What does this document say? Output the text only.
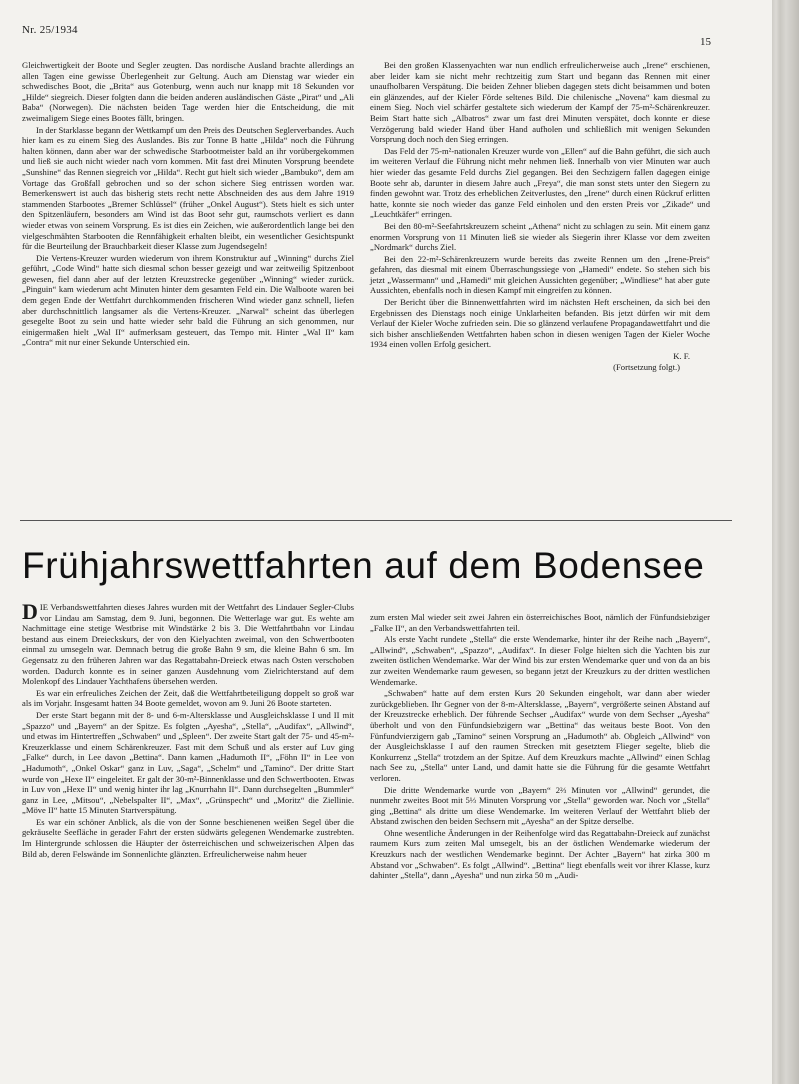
Nr. 25/1934
15

Gleichwertigkeit der Boote und Segler zeugten. Das nordische Ausland brachte allerdings an allen Tagen eine gewisse Überlegenheit zur Geltung. Auch am Dienstag war wieder ein schwedisches Boot, die „Brita“ aus Gotenburg, wenn auch nur knapp mit 18 Sekunden vor „Hilde“ siegreich. Dieser folgten dann die beiden anderen ausländischen Gäste „Pirat“ und „Ali Baba“ (Norwegen). Die nächsten beiden Tage werden hier die Entscheidung, die mit zweimaligem Siege eines Bootes fällt, bringen.

In der Starklasse begann der Wettkampf um den Preis des Deutschen Seglerverbandes. Auch hier kam es zu einem Sieg des Auslandes. Bis zur Tonne B hatte „Hilda“ noch die Führung halten können, dann aber war der schwedische Starbootmeister bald an ihr vorübergekommen und ließ sie auch nicht wieder nach vorn kommen. Mit fast drei Minuten Vorsprung beendete „Sunshine“ das Rennen siegreich vor „Hilda“. Recht gut hielt sich wieder „Bambuko“, dem am Vortage das Großfall gebrochen und so der schon sichere Sieg entrissen worden war. Bemerkenswert ist auch das bisherig stets recht nette Abschneiden des aus dem Jahre 1919 stammenden Starbootes „Bremer Schlüssel“ (früher „Onkel August“). Stets hielt es sich unter den Spitzenläufern, besonders am Wind ist das Boot sehr gut, raumschots verliert es dann wieder etwas von seinem Vorsprung. Es ist dies ein Zeichen, wie außerordentlich lange bei den vielgeschmähten Starbooten die Rennfähigkeit erhalten bleibt, ein wesentlicher Gesichtspunkt für die Beurteilung der Brauchbarkeit dieser Klasse zum Jugendsegeln!

Die Vertens-Kreuzer wurden wiederum von ihrem Konstruktur auf „Winning“ durchs Ziel geführt, „Code Wind“ hatte sich diesmal schon besser gezeigt und war zeitweilig Spitzenboot gewesen, fiel dann aber auf der letzten Kreuzstrecke gegenüber „Winning“ wieder zurück. „Pinguin“ kam wiederum acht Minuten hinter dem gesamten Feld ein. Die Walboote waren bei dem gegen Ende der Wettfahrt durchkommenden frischeren Wind wieder ganz schnell, liefen aber durchschnittlich langsamer als die Vertens-Kreuzer. „Narwal“ scheint das überlegen gesegelte Boot zu sein und hatte wieder sehr bald die Führung an sich genommen, nur einigermaßen hielt „Wal II“ aufmerksam gesteuert, das Tempo mit. Hinter „Wal II“ kam „Contra“ mit nur einer Sekunde Unterschied ein.

Bei den großen Klassenyachten war nun endlich erfreulicherweise auch „Irene“ erschienen, aber leider kam sie nicht mehr rechtzeitig zum Start und begann das Rennen mit einer unaufholbaren Verspätung. Die beiden Zehner blieben dagegen stets dicht beisammen und boten ein glänzendes, auf der Kieler Förde seltenes Bild. Die chilenische „Novena“ kam diesmal zu einem Sieg. Noch viel schärfer gestaltete sich wiederum der Kampf der 75-m²-Schärenkreuzer. Beim Start hatte sich „Albatros“ zwar um fast drei Minuten verspätet, doch konnte er diese Verzögerung bald wieder Hand über Hand aufholen und schließlich mit wenigen Sekunden Vorsprung doch noch den Sieg erringen.

Das Feld der 75-m²-nationalen Kreuzer wurde von „Ellen“ auf die Bahn geführt, die sich auch im weiteren Verlauf die Führung nicht mehr nehmen ließ. Innerhalb von vier Minuten war auch hier wieder das gesamte Feld durchs Ziel gegangen. Bei den Sechzigern fallen dagegen einige Boote sehr ab, darunter in diesem Jahre auch „Freya“, die man sonst stets unter den Siegern zu finden gewohnt war. Trotz des erheblichen Zeitverlustes, den „Irene“ durch einen Rückruf erlitten hatte, konnte sie noch wieder das ganze Feld einholen und den ersten Preis vor „Zikade“ und „Leuchtkäfer“ erringen.

Bei den 80-m²-Seefahrtskreuzern scheint „Athena“ nicht zu schlagen zu sein. Mit einem ganz enormen Vorsprung von 11 Minuten ließ sie wieder als Siegerin ihrer Klasse vor dem zweiten „Nordmark“ durchs Ziel.

Bei den 22-m²-Schärenkreuzern wurde bereits das zweite Rennen um den „Irene-Preis“ gefahren, das diesmal mit einem Überraschungssiege von „Hamedi“ endete. So stehen sich bis jetzt „Wassermann“ und „Hamedi“ mit gleichen Aussichten gegenüber; „Windliese“ hat aber gute Aussichten, ebenfalls noch in diesen Kampf mit eingreifen zu können.

Der Bericht über die Binnenwettfahrten wird im nächsten Heft erscheinen, da sich bei den Ergebnissen des Dienstags noch einige Unklarheiten befanden. Bis jetzt dürfen wir mit dem Verlauf der Kieler Woche zufrieden sein. Die so glänzend verlaufene Propagandawettfahrt und die sich bisher anschließenden Wettfahrten haben schon in diesen wenigen Tagen der Kieler Woche 1934 einen vollen Erfolg gesichert.

K. F.
(Fortsetzung folgt.)
Frühjahrswettfahrten auf dem Bodensee

DIE Verbandswettfahrten dieses Jahres wurden mit der Wettfahrt des Lindauer Segler-Clubs vor Lindau am Samstag, dem 9. Juni, begonnen. Die Wetterlage war gut. Es wehte am Nachmittage eine stetige Westbrise mit Windstärke 2 bis 3. Die Wettfahrtbahn vor Lindau bestand aus einem Dreieckskurs, der von den Kielyachten zweimal, von den Schwertbooten einmal zu umsegeln war. Demnach betrug die große Bahn 9 sm, die kleine Bahn 6 sm. Im Gegensatz zu den früheren Jahren war das Regattabahn-Dreieck etwas nach Osten verschoben worden. Dadurch konnte es in seiner ganzen Ausdehnung vom Zielrichterstand auf dem Molenkopf des Lindauer Yachthafens übersehen werden.

Es war ein erfreuliches Zeichen der Zeit, daß die Wettfahrtbeteiligung doppelt so groß war als im Vorjahr. Insgesamt hatten 34 Boote gemeldet, wovon am 9. Juni 26 Boote starteten.

Der erste Start begann mit der 8- und 6-m-Altersklasse und Ausgleichsklasse I und II mit „Spazzo“ und „Bayern“ an der Spitze. Es folgten „Ayesha“, „Stella“, „Audifax“, „Allwind“, und etwas im Hintertreffen „Schwaben“ und „Spleen“. Der zweite Start galt der 75- und 45-m²-Kreuzerklasse und einem Schärenkreuzer. Fast mit dem Schuß und als erster auf Luv ging „Falke“ durch, in Lee davon „Bettina“. Dann kamen „Hadumoth II“, „Föhn II“ in Lee von „Hadumoth“, „Onkel Oskar“ ganz in Luv, „Saga“, „Schelm“ und „Tamino“. Der dritte Start wurde von „Hexe II“ eingeleitet. Er galt der 30-m²-Binnenklasse und den Schwertbooten. Etwas in Luv von „Hexe II“ und wenig hinter ihr lag „Knurrhahn II“. Dann durchsegelten „Bummler“ ganz in Lee, „Mitsou“, „Nebelspalter II“, „Max“, „Grünspecht“ und „Moritz“ die Ziellinie. „Möve II“ hatte 15 Minuten Startverspätung.

Es war ein schöner Anblick, als die von der Sonne beschienenen weißen Segel über die gekräuselte Seefläche in gerader Fahrt der ersten südwärts gelegenen Wendemarke zustrebten. Im Hintergrunde schlossen die Häupter der österreichischen und schweizerischen Alpen das Bild ab, deren Felswände im Sonnenlichte glänzten. Erfreulicherweise nahm heuer

zum ersten Mal wieder seit zwei Jahren ein österreichisches Boot, nämlich der Fünfundsiebziger „Falke II“, an den Verbandswettfahrten teil.

Als erste Yacht rundete „Stella“ die erste Wendemarke, hinter ihr der Reihe nach „Bayern“, „Allwind“, „Schwaben“, „Spazzo“, „Audifax“. In dieser Folge hielten sich die Yachten bis zur zweiten östlichen Wendemarke. War der Wind bis zur ersten Wendemarke quer und von da an bis zur zweiten Wendemarke raum gewesen, so begann jetzt der Kreuzkurs zu der dritten westlichen Wendemarke.

„Schwaben“ hatte auf dem ersten Kurs 20 Sekunden eingeholt, war dann aber wieder zurückgeblieben. Ihr Gegner von der 8-m-Altersklasse, „Bayern“, vergrößerte seinen Abstand auf der Kreuzstrecke erheblich. Der führende Sechser „Audifax“ wurde von dem Sechser „Ayesha“ überholt und von den Fünfundsiebzigern war „Bettina“ das weitaus beste Boot. Von den Fünfundvierzigern gab „Tamino“ seinen Vorsprung an „Hadumoth“ ab. Obgleich „Allwind“ von der Ausgleichsklasse I auf den raumen Strecken mit gesetztem Flieger segelte, blieb die Konkurrenz „Stella“ trotzdem an der Spitze. Auf dem Kreuzkurs machte „Allwind“ einen Schlag nach See zu, „Stella“ unter Land, und damit hatte sie die Führung für die gesamte Wettfahrt verloren.

Die dritte Wendemarke wurde von „Bayern“ 2⅔ Minuten vor „Allwind“ gerundet, die nunmehr zweites Boot mit 5⅓ Minuten Vorsprung vor „Stella“ geworden war. Noch vor „Stella“ ging „Bettina“ als dritte um diese Wendemarke. Im weiteren Verlauf der Wettfahrt blieb der Abstand zwischen den beiden Sechsern mit „Ayesha“ an der Spitze derselbe.

Ohne wesentliche Änderungen in der Reihenfolge wird das Regattabahn-Dreieck auf zunächst raumem Kurs zum zeiten Mal umsegelt, bis an der östlichen Wendemarke wiederum der Kreuzkurs nach der westlichen Wendemarke beginnt. Der Achter „Bayern“ hat zirka 300 m Abstand vor „Schwaben“. Es folgt „Allwind“. „Bettina“ liegt ebenfalls weit vor ihrer Klasse, kurz dahinter „Stella“, dann „Ayesha“ und nun zirka 50 m „Audi-
